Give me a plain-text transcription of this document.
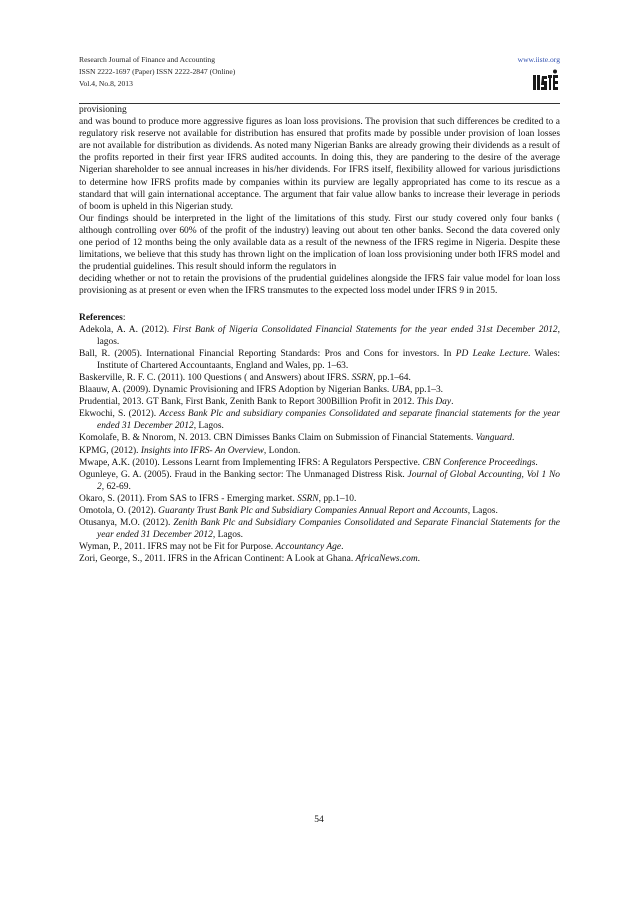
Research Journal of Finance and Accounting
ISSN 2222-1697 (Paper) ISSN 2222-2847 (Online)
Vol.4, No.8, 2013
www.iiste.org

provisioning

and was bound to produce more aggressive figures as loan loss provisions. The provision that such differences be credited to a regulatory risk reserve not available for distribution has ensured that profits made by possible under provision of loan losses are not available for distribution as dividends. As noted many Nigerian Banks are already growing their dividends as a result of the profits reported in their first year IFRS audited accounts. In doing this, they are pandering to the desire of the average Nigerian shareholder to see annual increases in his/her dividends. For IFRS itself, flexibility allowed for various jurisdictions to determine how IFRS profits made by companies within its purview are legally appropriated has come to its rescue as a standard that will gain international acceptance. The argument that fair value allow banks to increase their leverage in periods of boom is upheld in this Nigerian study.

Our findings should be interpreted in the light of the limitations of this study. First our study covered only four banks ( although controlling over 60% of the profit of the industry) leaving out about ten other banks. Second the data covered only one period of 12 months being the only available data as a result of the newness of the IFRS regime in Nigeria. Despite these limitations, we believe that this study has thrown light on the implication of loan loss provisioning under both IFRS model and the prudential guidelines. This result should inform the regulators in

deciding whether or not to retain the provisions of the prudential guidelines alongside the IFRS fair value model for loan loss provisioning as at present or even when the IFRS transmutes to the expected loss model under IFRS 9 in 2015.

References:

Adekola, A. A. (2012). First Bank of Nigeria Consolidated Financial Statements for the year ended 31st December 2012, lagos.

Ball, R. (2005). International Financial Reporting Standards: Pros and Cons for investors. In PD Leake Lecture. Wales: Institute of Chartered Accountaants, England and Wales, pp. 1–63.

Baskerville, R. F. C. (2011). 100 Questions ( and Answers) about IFRS. SSRN, pp.1–64.

Blaauw, A. (2009). Dynamic Provisioning and IFRS Adoption by Nigerian Banks. UBA, pp.1–3.

Prudential, 2013. GT Bank, First Bank, Zenith Bank to Report 300Billion Profit in 2012. This Day.

Ekwochi, S. (2012). Access Bank Plc and subsidiary companies Consolidated and separate financial statements for the year ended 31 December 2012, Lagos.

Komolafe, B. & Nnorom, N. 2013. CBN Dimisses Banks Claim on Submission of Financial Statements. Vanguard.

KPMG, (2012). Insights into IFRS- An Overview, London.

Mwape, A.K. (2010). Lessons Learnt from Implementing IFRS: A Regulators Perspective. CBN Conference Proceedings.

Ogunleye, G. A. (2005). Fraud in the Banking sector: The Unmanaged Distress Risk. Journal of Global Accounting, Vol 1 No 2, 62-69.

Okaro, S. (2011). From SAS to IFRS - Emerging market. SSRN, pp.1–10.

Omotola, O. (2012). Guaranty Trust Bank Plc and Subsidiary Companies Annual Report and Accounts, Lagos.

Otusanya, M.O. (2012). Zenith Bank Plc and Subsidiary Companies Consolidated and Separate Financial Statements for the year ended 31 December 2012, Lagos.

Wyman, P., 2011. IFRS may not be Fit for Purpose. Accountancy Age.

Zori, George, S., 2011. IFRS in the African Continent: A Look at Ghana. AfricaNews.com.

54
